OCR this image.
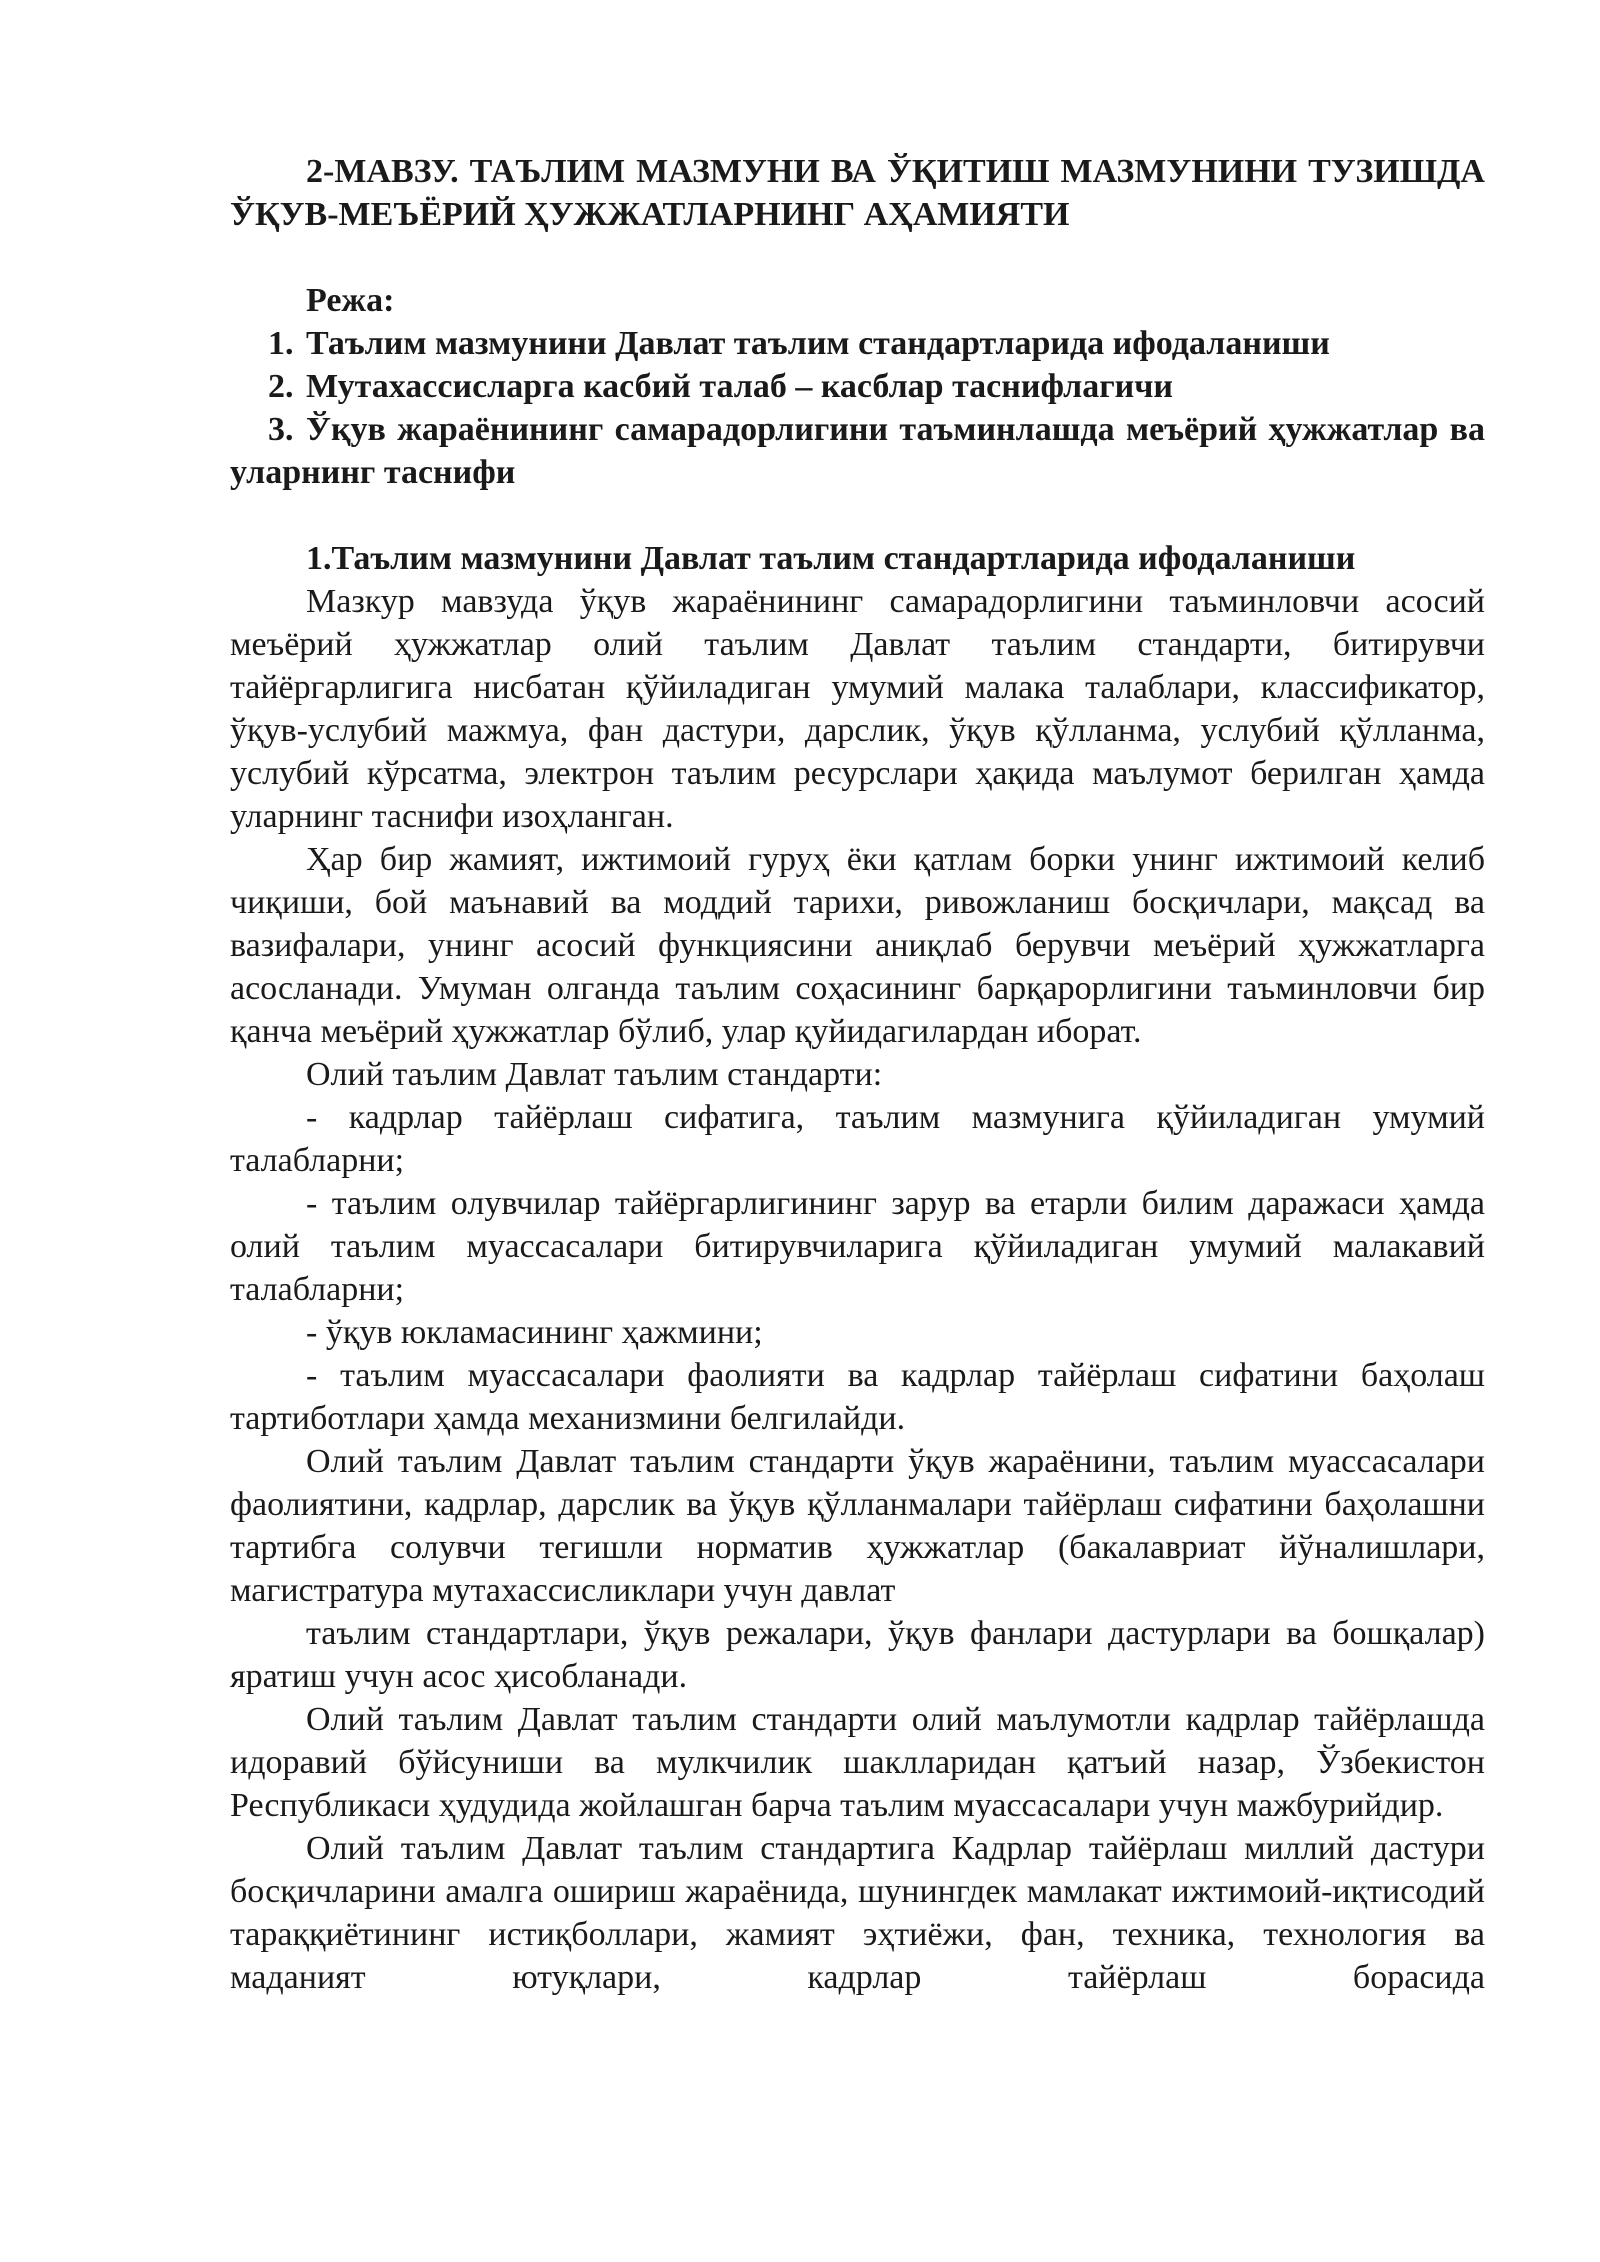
2-МАВЗУ. ТАЪЛИМ МАЗМУНИ ВА ЎҚИТИШ МАЗМУНИНИ ТУЗИШДА ЎҚУВ-МЕЪЁРИЙ ҲУЖЖАТЛАРНИНГ АҲАМИЯТИ

Режа:

1. Таълим мазмунини Давлат таълим стандартларида ифодаланиши
2. Мутахассисларга касбий талаб – касблар таснифлагичи
3. Ўқув жараёнининг самарадорлигини таъминлашда меъёрий ҳужжатлар ва уларнинг таснифи

1.Таълим мазмунини Давлат таълим стандартларида ифодаланиши

Мазкур мавзуда ўқув жараёнининг самарадорлигини таъминловчи асосий меъёрий ҳужжатлар олий таълим Давлат таълим стандарти, битирувчи тайёргарлигига нисбатан қўйиладиган умумий малака талаблари, классификатор, ўқув-услубий мажмуа, фан дастури, дарслик, ўқув қўлланма, услубий қўлланма, услубий кўрсатма, электрон таълим ресурслари ҳақида маълумот берилган ҳамда уларнинг таснифи изоҳланган.

Ҳар бир жамият, ижтимоий гуруҳ ёки қатлам борки унинг ижтимоий келиб чиқиши, бой маънавий ва моддий тарихи, ривожланиш босқичлари, мақсад ва вазифалари, унинг асосий функциясини аниқлаб берувчи меъёрий ҳужжатларга асосланади. Умуман олганда таълим соҳасининг барқарорлигини таъминловчи бир қанча меъёрий ҳужжатлар бўлиб, улар қуйидагилардан иборат.

Олий таълим Давлат таълим стандарти:

- кадрлар тайёрлаш сифатига, таълим мазмунига қўйиладиган умумий талабларни;

- таълим олувчилар тайёргарлигининг зарур ва етарли билим даражаси ҳамда олий таълим муассасалари битирувчиларига қўйиладиган умумий малакавий талабларни;

- ўқув юкламасининг ҳажмини;

- таълим муассасалари фаолияти ва кадрлар тайёрлаш сифатини баҳолаш тартиботлари ҳамда механизмини белгилайди.

Олий таълим Давлат таълим стандарти ўқув жараёнини, таълим муассасалари фаолиятини, кадрлар, дарслик ва ўқув қўлланмалари тайёрлаш сифатини баҳолашни тартибга солувчи тегишли норматив ҳужжатлар (бакалавриат йўналишлари, магистратура мутахассисликлари учун давлат

таълим стандартлари, ўқув режалари, ўқув фанлари дастурлари ва бошқалар) яратиш учун асос ҳисобланади.

Олий таълим Давлат таълим стандарти олий маълумотли кадрлар тайёрлашда идоравий бўйсуниши ва мулкчилик шаклларидан қатъий назар, Ўзбекистон Республикаси ҳудудида жойлашган барча таълим муассасалари учун мажбурийдир.

Олий таълим Давлат таълим стандартига Кадрлар тайёрлаш миллий дастури босқичларини амалга ошириш жараёнида, шунингдек мамлакат ижтимоий-иқтисодий тараққиётининг истиқболлари, жамият эҳтиёжи, фан, техника, технология ва маданият ютуқлари, кадрлар тайёрлаш борасида
